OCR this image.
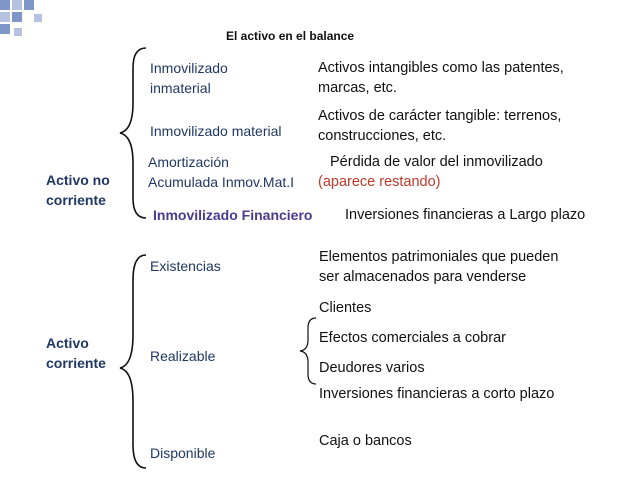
El activo en el balance
Activo no
corriente
Inmovilizado
inmaterial
Activos intangibles como las patentes,
marcas, etc.
Inmovilizado material
Activos de carácter tangible: terrenos,
construcciones, etc.
Amortización
Acumulada Inmov.Mat.I
Pérdida de valor del inmovilizado
(aparece restando)
Inmovilizado Financiero Inversiones financieras a Largo plazo
Activo
corriente
Existencias
Elementos patrimoniales que pueden
ser almacenados para venderse
Realizable
Clientes
Efectos comerciales a cobrar
Deudores varios
Inversiones financieras a corto plazo
Disponible
Caja o bancos
